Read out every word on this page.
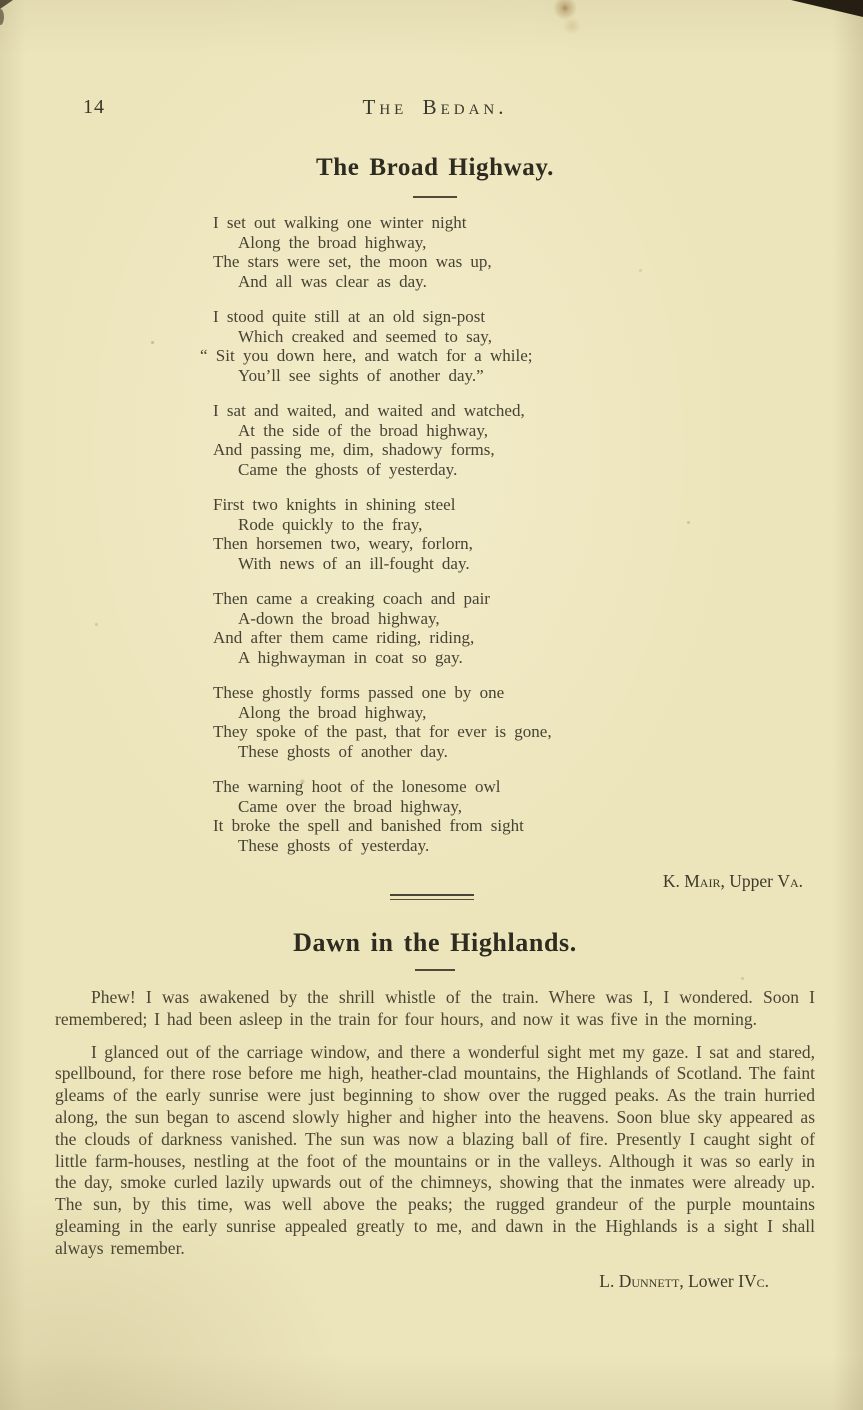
14	The Bedan.
The Broad Highway.

I set out walking one winter night

Along the broad highway,

The stars were set, the moon was up,

And all was clear as day.

I stood quite still at an old sign-post

Which creaked and seemed to say,

“ Sit you down here, and watch for a while;

You’ll see sights of another day.”

I sat and waited, and waited and watched,

At the side of the broad highway,

And passing me, dim, shadowy forms,

Came the ghosts of yesterday.

First two knights in shining steel

Rode quickly to the fray,

Then horsemen two, weary, forlorn,

With news of an ill-fought day.

Then came a creaking coach and pair

A-down the broad highway,

And after them came riding, riding,

A highwayman in coat so gay.

These ghostly forms passed one by one

Along the broad highway,

They spoke of the past, that for ever is gone,

These ghosts of another day.

The warning hoot of the lonesome owl

Came over the broad highway,

It broke the spell and banished from sight

These ghosts of yesterday.

K. Mair, Upper Va.
Dawn in the Highlands.

Phew! I was awakened by the shrill whistle of the train. Where was I, I wondered. Soon I remembered; I had been asleep in the train for four hours, and now it was five in the morning.

I glanced out of the carriage window, and there a wonderful sight met my gaze. I sat and stared, spellbound, for there rose before me high, heather-clad mountains, the Highlands of Scotland. The faint gleams of the early sunrise were just beginning to show over the rugged peaks. As the train hurried along, the sun began to ascend slowly higher and higher into the heavens. Soon blue sky appeared as the clouds of darkness vanished. The sun was now a blazing ball of fire. Presently I caught sight of little farm-houses, nestling at the foot of the mountains or in the valleys. Although it was so early in the day, smoke curled lazily upwards out of the chimneys, showing that the inmates were already up. The sun, by this time, was well above the peaks; the rugged grandeur of the purple mountains gleaming in the early sunrise appealed greatly to me, and dawn in the Highlands is a sight I shall always remember.

L. Dunnett, Lower IVc.
